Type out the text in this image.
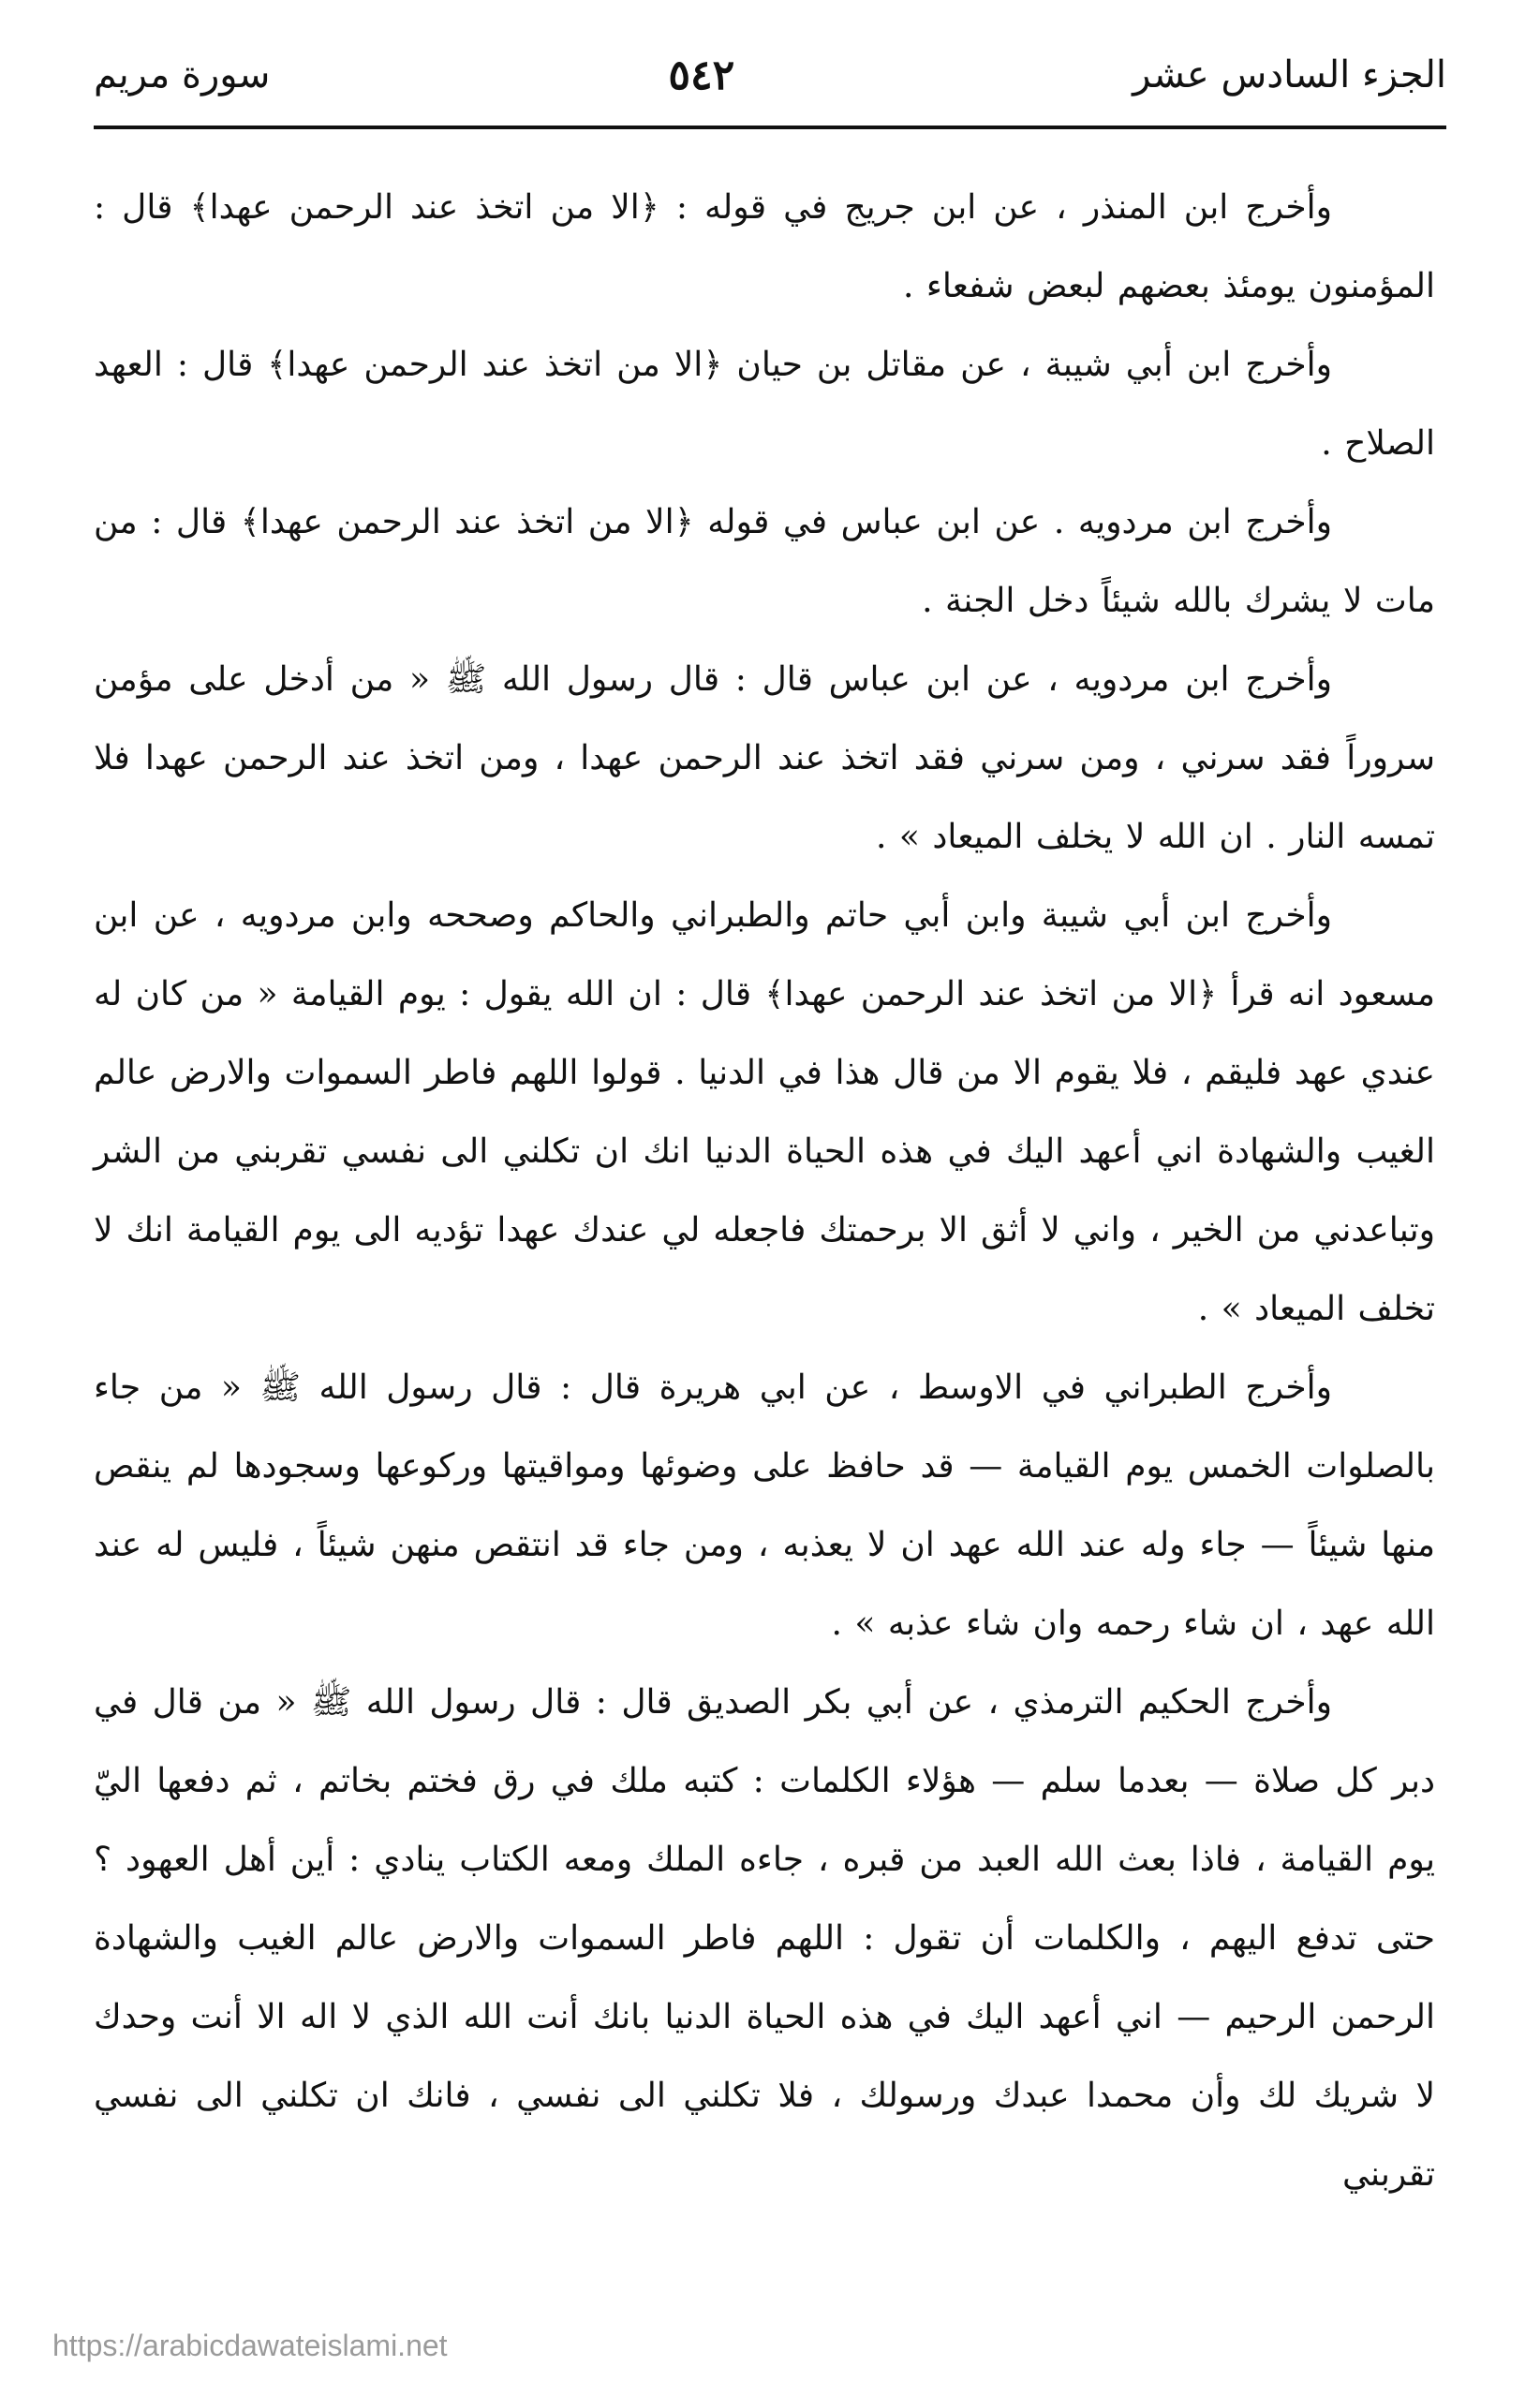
الجزء السادس عشر
٥٤٢
سورة مريم

وأخرج ابن المنذر ، عن ابن جريج في قوله : ﴿الا من اتخذ عند الرحمن عهدا﴾ قال : المؤمنون يومئذ بعضهم لبعض شفعاء .

وأخرج ابن أبي شيبة ، عن مقاتل بن حيان ﴿الا من اتخذ عند الرحمن عهدا﴾ قال : العهد الصلاح .

وأخرج ابن مردويه . عن ابن عباس في قوله ﴿الا من اتخذ عند الرحمن عهدا﴾ قال : من مات لا يشرك بالله شيئاً دخل الجنة .

وأخرج ابن مردويه ، عن ابن عباس قال : قال رسول الله ﷺ « من أدخل على مؤمن سروراً فقد سرني ، ومن سرني فقد اتخذ عند الرحمن عهدا ، ومن اتخذ عند الرحمن عهدا فلا تمسه النار . ان الله لا يخلف الميعاد » .

وأخرج ابن أبي شيبة وابن أبي حاتم والطبراني والحاكم وصححه وابن مردويه ، عن ابن مسعود انه قرأ ﴿الا من اتخذ عند الرحمن عهدا﴾ قال : ان الله يقول : يوم القيامة « من كان له عندي عهد فليقم ، فلا يقوم الا من قال هذا في الدنيا . قولوا اللهم فاطر السموات والارض عالم الغيب والشهادة اني أعهد اليك في هذه الحياة الدنيا انك ان تكلني الى نفسي تقربني من الشر وتباعدني من الخير ، واني لا أثق الا برحمتك فاجعله لي عندك عهدا تؤديه الى يوم القيامة انك لا تخلف الميعاد » .

وأخرج الطبراني في الاوسط ، عن ابي هريرة قال : قال رسول الله ﷺ « من جاء بالصلوات الخمس يوم القيامة — قد حافظ على وضوئها ومواقيتها وركوعها وسجودها لم ينقص منها شيئاً — جاء وله عند الله عهد ان لا يعذبه ، ومن جاء قد انتقص منهن شيئاً ، فليس له عند الله عهد ، ان شاء رحمه وان شاء عذبه » .

وأخرج الحكيم الترمذي ، عن أبي بكر الصديق قال : قال رسول الله ﷺ « من قال في دبر كل صلاة — بعدما سلم — هؤلاء الكلمات : كتبه ملك في رق فختم بخاتم ، ثم دفعها اليّ يوم القيامة ، فاذا بعث الله العبد من قبره ، جاءه الملك ومعه الكتاب ينادي : أين أهل العهود ؟ حتى تدفع اليهم ، والكلمات أن تقول : اللهم فاطر السموات والارض عالم الغيب والشهادة الرحمن الرحيم — اني أعهد اليك في هذه الحياة الدنيا بانك أنت الله الذي لا اله الا أنت وحدك لا شريك لك وأن محمدا عبدك ورسولك ، فلا تكلني الى نفسي ، فانك ان تكلني الى نفسي تقربني

https://arabicdawateislami.net
